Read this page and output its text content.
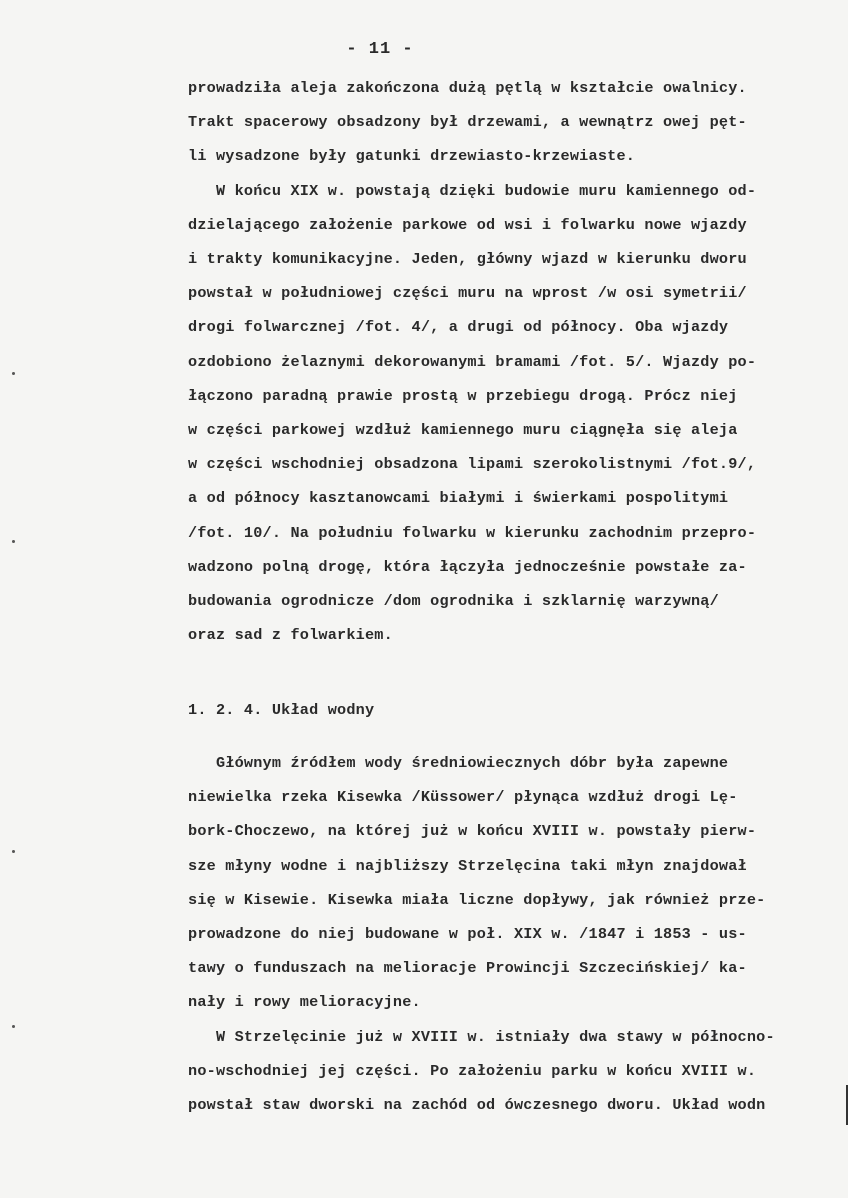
- 11 -
prowadziła aleja zakończona dużą pętlą w kształcie owalnicy.
Trakt spacerowy obsadzony był drzewami, a wewnątrz owej pęt-
li wysadzone były gatunki drzewiasto-krzewiaste.
W końcu XIX w. powstają dzięki budowie muru kamiennego od-
dzielającego założenie parkowe od wsi i folwarku nowe wjazdy
i trakty komunikacyjne. Jeden, główny wjazd w kierunku dworu
powstał w południowej części muru na wprost /w osi symetrii/
drogi folwarcznej /fot. 4/, a drugi od północy. Oba wjazdy
ozdobiono żelaznymi dekorowanymi bramami /fot. 5/. Wjazdy po-
łączono paradną prawie prostą w przebiegu drogą. Prócz niej
w części parkowej wzdłuż kamiennego muru ciągnęła się aleja
w części wschodniej obsadzona lipami szerokolistnymi /fot.9/,
a od północy kasztanowcami białymi i świerkami pospolitymi
/fot. 10/. Na południu folwarku w kierunku zachodnim przepro-
wadzono polną drogę, która łączyła jednocześnie powstałe za-
budowania ogrodnicze /dom ogrodnika i szklarnię warzywną/
oraz sad z folwarkiem.
1. 2. 4. Układ wodny
Głównym źródłem wody średniowiecznych dóbr była zapewne
niewielka rzeka Kisewka /Küssower/ płynąca wzdłuż drogi Lę-
bork-Choczewo, na której już w końcu XVIII w. powstały pierw-
sze młyny wodne i najbliższy Strzelęcina taki młyn znajdował
się w Kisewie. Kisewka miała liczne dopływy, jak również prze-
prowadzone do niej budowane w poł. XIX w. /1847 i 1853 - us-
tawy o funduszach na melioracje Prowincji Szczecińskiej/ ka-
nały i rowy melioracyjne.
W Strzelęcinie już w XVIII w. istniały dwa stawy w północno-
no-wschodniej jej części. Po założeniu parku w końcu XVIII w.
powstał staw dworski na zachód od ówczesnego dworu. Układ wodn
